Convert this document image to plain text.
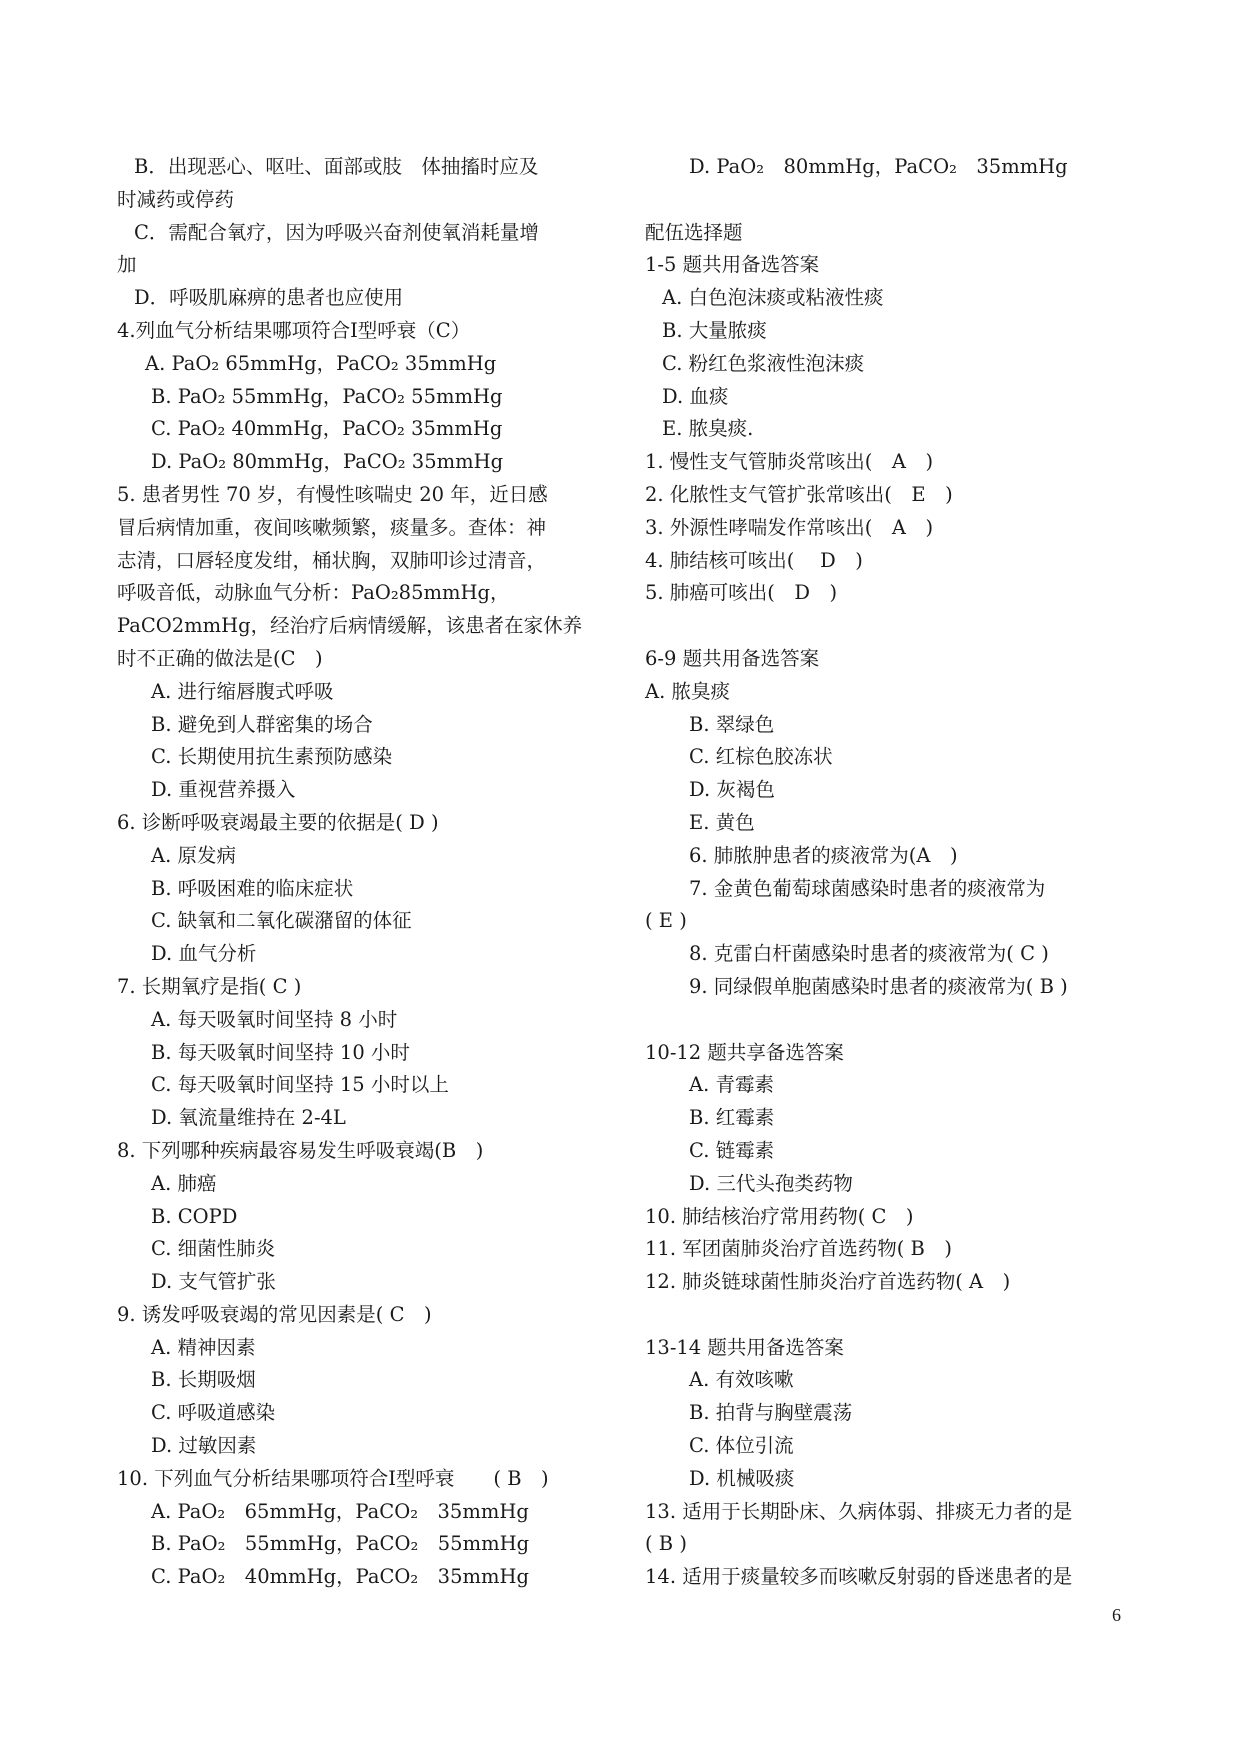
B．出现恶心、呕吐、面部或肢　体抽搐时应及
时减药或停药
C．需配合氧疗，因为呼吸兴奋剂使氧消耗量增
加
D．呼吸肌麻痹的患者也应使用
4.列血气分析结果哪项符合Ⅰ型呼衰（C）
A. PaO₂ 65mmHg，PaCO₂ 35mmHg
B. PaO₂ 55mmHg，PaCO₂ 55mmHg
C. PaO₂ 40mmHg，PaCO₂ 35mmHg
D. PaO₂ 80mmHg，PaCO₂ 35mmHg
5. 患者男性 70 岁，有慢性咳喘史 20 年，近日感
冒后病情加重，夜间咳嗽频繁，痰量多。查体：神
志清，口唇轻度发绀，桶状胸，双肺叩诊过清音，
呼吸音低，动脉血气分析：PaO₂85mmHg，
PaCO2mmHg，经治疗后病情缓解，该患者在家休养
时不正确的做法是(C　)
A. 进行缩唇腹式呼吸
B. 避免到人群密集的场合
C. 长期使用抗生素预防感染
D. 重视营养摄入
6. 诊断呼吸衰竭最主要的依据是( D )
A. 原发病
B. 呼吸困难的临床症状
C. 缺氧和二氧化碳潴留的体征
D. 血气分析
7. 长期氧疗是指( C )
A. 每天吸氧时间坚持 8 小时
B. 每天吸氧时间坚持 10 小时
C. 每天吸氧时间坚持 15 小时以上
D. 氧流量维持在 2-4L
8. 下列哪种疾病最容易发生呼吸衰竭(B　)
A. 肺癌
B. COPD
C. 细菌性肺炎
D. 支气管扩张
9. 诱发呼吸衰竭的常见因素是( C　)
A. 精神因素
B. 长期吸烟
C. 呼吸道感染
D. 过敏因素
10. 下列血气分析结果哪项符合Ⅰ型呼衰　　( B　)
A. PaO₂　65mmHg，PaCO₂　35mmHg
B. PaO₂　55mmHg，PaCO₂　55mmHg
C. PaO₂　40mmHg，PaCO₂　35mmHg
D. PaO₂　80mmHg，PaCO₂　35mmHg

配伍选择题
1-5 题共用备选答案
A. 白色泡沫痰或粘液性痰
B. 大量脓痰
C. 粉红色浆液性泡沫痰
D. 血痰
E. 脓臭痰.
1. 慢性支气管肺炎常咳出(　A　)
2. 化脓性支气管扩张常咳出(　E　)
3. 外源性哮喘发作常咳出(　A　)
4. 肺结核可咳出(　 D　)
5. 肺癌可咳出(　D　)

6-9 题共用备选答案
A. 脓臭痰
B. 翠绿色
C. 红棕色胶冻状
D. 灰褐色
E. 黄色
6. 肺脓肿患者的痰液常为(A　)
7. 金黄色葡萄球菌感染时患者的痰液常为
( E )
8. 克雷白杆菌感染时患者的痰液常为( C )
9. 同绿假单胞菌感染时患者的痰液常为( B )

10-12 题共享备选答案
A. 青霉素
B. 红霉素
C. 链霉素
D. 三代头孢类药物
10. 肺结核治疗常用药物( C　)
11. 军团菌肺炎治疗首选药物( B　)
12. 肺炎链球菌性肺炎治疗首选药物( A　)

13-14 题共用备选答案
A. 有效咳嗽
B. 拍背与胸壁震荡
C. 体位引流
D. 机械吸痰
13. 适用于长期卧床、久病体弱、排痰无力者的是
( B )
14. 适用于痰量较多而咳嗽反射弱的昏迷患者的是
6
